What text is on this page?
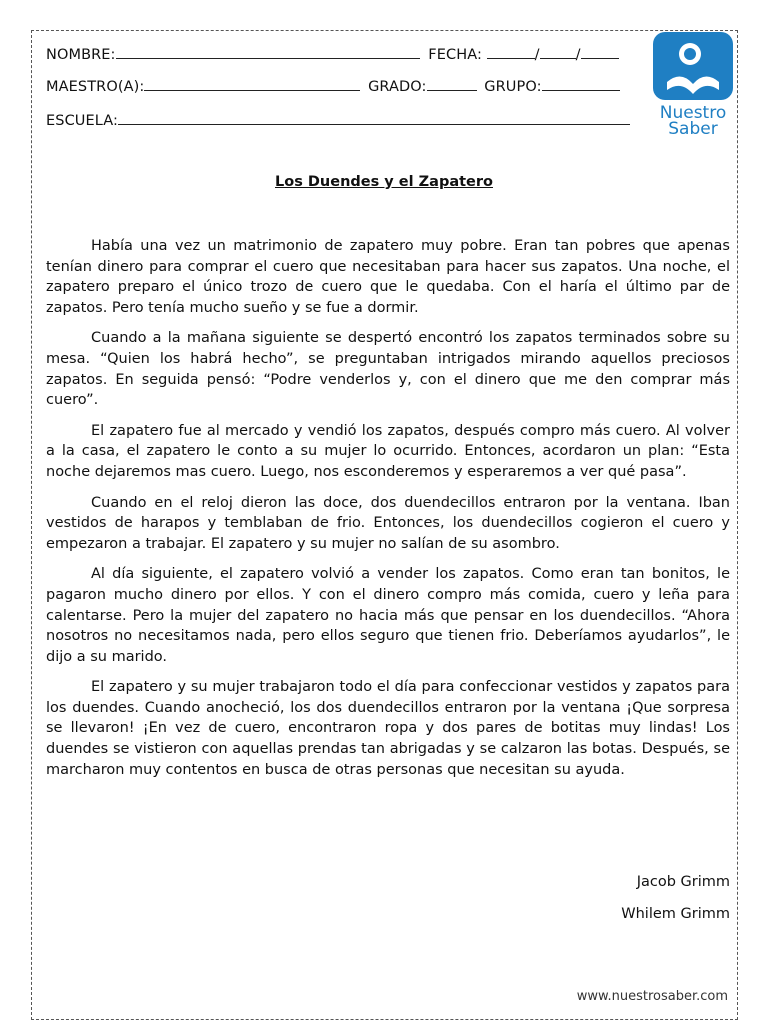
NOMBRE:	FECHA:	/ /
MAESTRO(A):	GRADO:	GRUPO:
ESCUELA:	Nuestro
Saber
Los Duendes y el Zapatero

Había una vez un matrimonio de zapatero muy pobre. Eran tan pobres que apenas tenían dinero para comprar el cuero que necesitaban para hacer sus zapatos. Una noche, el zapatero preparo el único trozo de cuero que le quedaba. Con el haría el último par de zapatos. Pero tenía mucho sueño y se fue a dormir.

Cuando a la mañana siguiente se despertó encontró los zapatos terminados sobre su mesa. “Quien los habrá hecho”, se preguntaban intrigados mirando aquellos preciosos zapatos. En seguida pensó: “Podre venderlos y, con el dinero que me den comprar más cuero”.

El zapatero fue al mercado y vendió los zapatos, después compro más cuero. Al volver a la casa, el zapatero le conto a su mujer lo ocurrido. Entonces, acordaron un plan: “Esta noche dejaremos mas cuero. Luego, nos esconderemos y esperaremos a ver qué pasa”.

Cuando en el reloj dieron las doce, dos duendecillos entraron por la ventana. Iban vestidos de harapos y temblaban de frio. Entonces, los duendecillos cogieron el cuero y empezaron a trabajar. El zapatero y su mujer no salían de su asombro.

Al día siguiente, el zapatero volvió a vender los zapatos. Como eran tan bonitos, le pagaron mucho dinero por ellos. Y con el dinero compro más comida, cuero y leña para calentarse. Pero la mujer del zapatero no hacia más que pensar en los duendecillos. “Ahora nosotros no necesitamos nada, pero ellos seguro que tienen frio. Deberíamos ayudarlos”, le dijo a su marido.

El zapatero y su mujer trabajaron todo el día para confeccionar vestidos y zapatos para los duendes. Cuando anocheció, los dos duendecillos entraron por la ventana ¡Que sorpresa se llevaron! ¡En vez de cuero, encontraron ropa y dos pares de botitas muy lindas! Los duendes se vistieron con aquellas prendas tan abrigadas y se calzaron las botas. Después, se marcharon muy contentos en busca de otras personas que necesitan su ayuda.

Jacob Grimm
Whilem Grimm
www.nuestrosaber.com
